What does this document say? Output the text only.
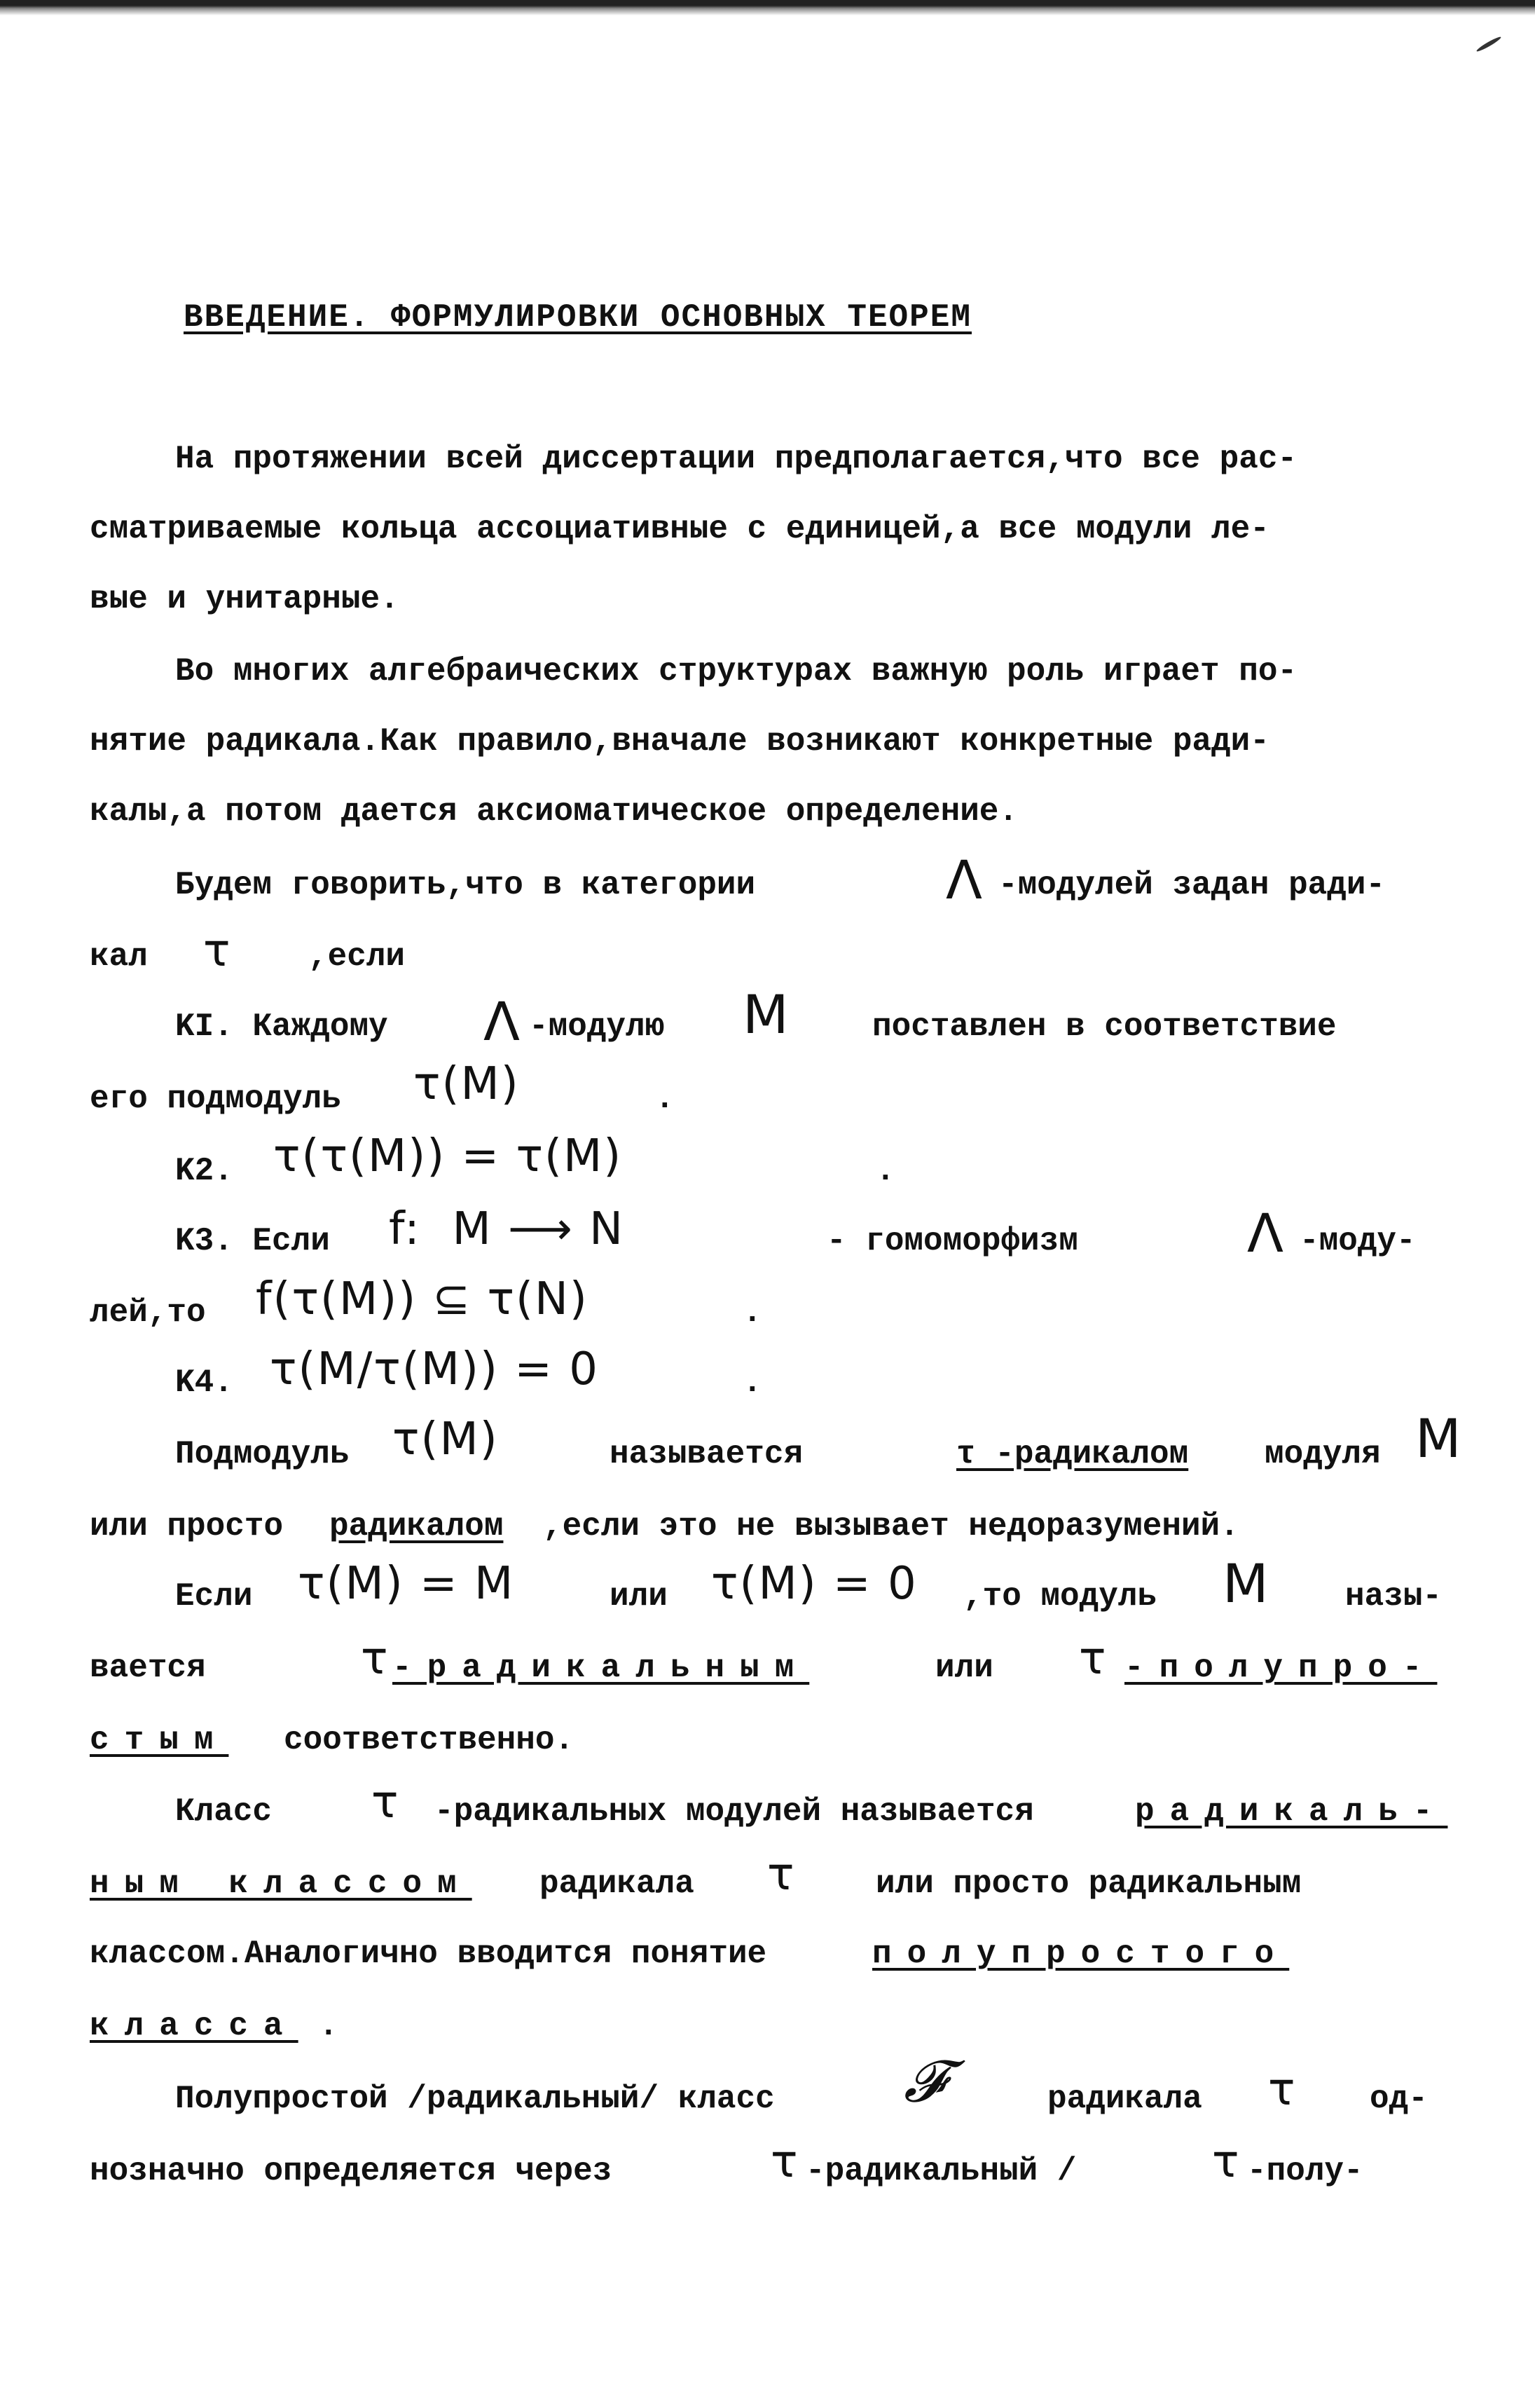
ВВЕДЕНИЕ. ФОРМУЛИРОВКИ ОСНОВНЫХ ТЕОРЕМ
На протяжении всей диссертации предполагается,что все рас-
сматриваемые кольца ассоциативные с единицей,а все модули ле-
вые и унитарные.
Во многих алгебраических структурах важную роль играет по-
нятие радикала.Как правило,вначале возникают конкретные ради-
калы,а потом дается аксиоматическое определение.
Будем говорить,что в категории	Λ -модулей задан ради-
кал τ ,если
KI. Каждому Λ -модулю M	поставлен в соответствие
его подмодуль τ(M)	.
K2. τ(τ(M)) = τ(M)	.
K3. Если f:  M ⟶ N	- гомоморфизм	Λ -моду-
лей,то f(τ(M)) ⊆ τ(N)	.
K4. τ(M/τ(M)) = 0	.
Подмодуль τ(M)	называется	τ -радикалом модуля M
или просто радикалом ,если это не вызывает недоразумений.
Если τ(M) = M	или τ(M) = 0 ,то модуль M назы-
вается	τ -радикальным	или τ -полупро-
стым соответственно.
Класс τ -радикальных модулей называется	радикаль-
ным классом радикала τ или просто радикальным
классом.Аналогично вводится понятие	полупростого
класса .
Полупростой /радикальный/ класс 𝓕	радикала τ од-
нозначно определяется через	τ -радикальный /	τ -полу-
